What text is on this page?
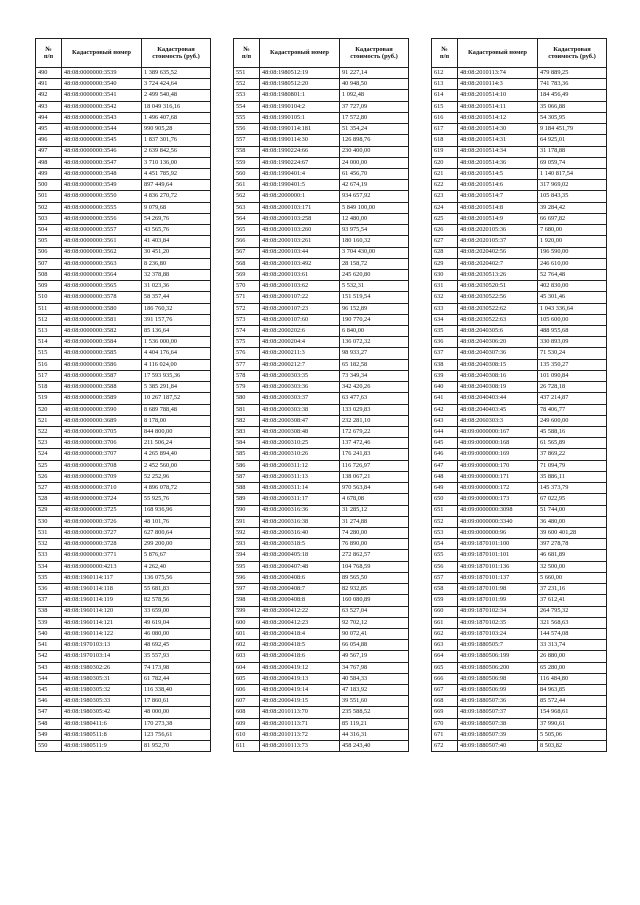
№
п/п	Кадастровый номер	Кадастровая стоимость (руб.)
490	48:08:0000000:3539	1 389 635,52
491	48:08:0000000:3540	3 724 424,64
492	48:08:0000000:3541	2 499 540,48
493	48:08:0000000:3542	18 049 316,16
494	48:08:0000000:3543	1 496 407,68
495	48:08:0000000:3544	990 905,28
496	48:08:0000000:3545	1 837 301,76
497	48:08:0000000:3546	2 639 842,56
498	48:08:0000000:3547	3 710 136,00
499	48:08:0000000:3548	4 451 785,92
500	48:08:0000000:3549	897 449,64
501	48:08:0000000:3550	4 836 270,72
502	48:08:0000000:3555	9 079,68
503	48:08:0000000:3556	54 269,76
504	48:08:0000000:3557	43 565,76
505	48:08:0000000:3561	41 403,84
506	48:08:0000000:3562	30 451,20
507	48:08:0000000:3563	8 236,80
508	48:08:0000000:3564	32 378,88
509	48:08:0000000:3565	31 023,36
510	48:08:0000000:3578	58 357,44
511	48:08:0000000:3580	186 760,32
512	48:08:0000000:3581	391 157,76
513	48:08:0000000:3582	85 136,64
514	48:08:0000000:3584	1 536 000,00
515	48:08:0000000:3585	4 404 176,64
516	48:08:0000000:3586	4 116 024,00
517	48:08:0000000:3587	17 593 935,36
518	48:08:0000000:3588	5 385 291,84
519	48:08:0000000:3589	10 267 187,52
520	48:08:0000000:3590	8 689 788,48
521	48:08:0000000:3689	8 178,00
522	48:08:0000000:3705	844 800,00
523	48:08:0000000:3706	211 506,24
524	48:08:0000000:3707	4 265 894,40
525	48:08:0000000:3708	2 452 560,00
526	48:08:0000000:3709	52 252,96
527	48:08:0000000:3710	4 896 078,72
528	48:08:0000000:3724	55 925,76
529	48:08:0000000:3725	168 936,96
530	48:08:0000000:3726	48 101,76
531	48:08:0000000:3727	627 800,64
532	48:08:0000000:3728	299 200,00
533	48:08:0000000:3771	5 876,67
534	48:08:0000000:4213	4 262,40
535	48:08:1960114:117	136 075,56
536	48:08:1960114:118	55 681,83
537	48:08:1960114:119	82 578,56
538	48:08:1960114:120	33 659,00
539	48:08:1960114:121	49 619,04
540	48:08:1960114:122	46 080,00
541	48:08:1970103:13	48 692,45
542	48:08:1970103:14	35 557,93
543	48:08:1980302:26	74 173,98
544	48:08:1980305:31	61 782,44
545	48:08:1980305:32	116 338,40
546	48:08:1980305:33	17 860,61
547	48:08:1980305:42	48 000,00
548	48:08:1980411:6	170 273,38
549	48:08:1980511:8	123 756,61
550	48:08:1980511:9	81 952,70
№
п/п	Кадастровый номер	Кадастровая стоимость (руб.)
551	48:08:1980512:19	91 227,14
552	48:08:1980512:20	40 948,50
553	48:08:1980801:1	1 092,48
554	48:08:1990104:2	37 727,09
555	48:08:1990105:1	17 572,80
556	48:08:1990114:181	51 354,24
557	48:08:1990114:30	126 898,76
558	48:08:1990224:66	230 400,00
559	48:08:1990224:67	24 000,00
560	48:08:1990401:4	61 456,70
561	48:08:1990401:5	42 674,19
562	48:08:2000000:1	934 657,92
563	48:08:2000103:171	5 849 100,00
564	48:08:2000103:258	12 480,00
565	48:08:2000103:260	93 975,54
566	48:08:2000103:261	180 160,32
567	48:08:2000103:44	3 704 430,00
568	48:08:2000103:492	28 158,72
569	48:08:2000103:61	245 620,80
570	48:08:2000103:62	5 532,31
571	48:08:2000107:22	151 519,54
572	48:08:2000107:23	96 152,89
573	48:08:2000107:60	190 770,24
574	48:08:2000202:6	6 840,00
575	48:08:2000204:4	136 072,32
576	48:08:2000211:3	98 933,27
577	48:08:2000212:7	65 182,58
578	48:08:2000303:35	73 349,34
579	48:08:2000303:36	342 420,26
580	48:08:2000303:37	63 477,63
581	48:08:2000303:38	133 029,83
582	48:08:2000308:47	232 281,10
583	48:08:2000308:48	172 679,22
584	48:08:2000310:25	137 472,46
585	48:08:2000310:26	176 241,83
586	48:08:2000311:12	116 726,97
587	48:08:2000311:13	138 067,21
588	48:08:2000311:14	970 563,84
589	48:08:2000311:17	4 678,08
590	48:08:2000316:36	31 285,12
591	48:08:2000316:38	31 274,88
592	48:08:2000316:40	74 280,00
593	48:08:2000318:5	76 890,00
594	48:08:2000405:18	272 862,57
595	48:08:2000407:48	104 768,59
596	48:08:2000408:6	89 565,50
597	48:08:2000408:7	82 932,85
598	48:08:2000408:8	160 080,89
599	48:08:2000412:22	63 527,04
600	48:08:2000412:23	92 702,12
601	48:08:2000418:4	90 072,41
602	48:08:2000418:5	66 054,88
603	48:08:2000418:6	49 567,19
604	48:08:2000419:12	34 767,98
605	48:08:2000419:13	40 584,33
606	48:08:2000419:14	47 183,92
607	48:08:2000419:15	39 551,60
608	48:08:2010113:70	235 588,52
609	48:08:2010113:71	85 119,21
610	48:08:2010113:72	44 316,31
611	48:08:2010113:73	458 243,40
№
п/п	Кадастровый номер	Кадастровая стоимость (руб.)
612	48:08:2010113:74	479 889,25
613	48:08:2010114:3	741 783,36
614	48:08:2010514:10	184 456,49
615	48:08:2010514:11	35 066,88
616	48:08:2010514:12	54 305,95
617	48:08:2010514:30	9 184 451,79
618	48:08:2010514:31	64 925,01
619	48:08:2010514:34	31 178,88
620	48:08:2010514:36	69 059,74
621	48:08:2010514:5	1 140 817,54
622	48:08:2010514:6	317 969,02
623	48:08:2010514:7	105 843,35
624	48:08:2010514:8	39 284,42
625	48:08:2010514:9	66 697,82
626	48:08:2020105:36	7 680,00
627	48:08:2020105:37	1 920,00
628	48:08:2020402:56	196 590,00
629	48:08:2020402:7	246 610,00
630	48:08:2030513:26	52 764,48
631	48:08:2030520:51	402 830,00
632	48:08:2030522:56	45 301,46
633	48:08:2030522:62	1 043 336,64
634	48:08:2030522:63	105 600,00
635	48:08:2040305:6	488 955,68
636	48:08:2040306:20	330 893,09
637	48:08:2040307:36	71 530,24
638	48:08:2040308:15	135 350,27
639	48:08:2040308:16	101 090,84
640	48:08:2040308:19	26 728,18
641	48:08:2040403:44	437 214,87
642	48:08:2040403:45	78 406,77
643	48:08:2060303:3	249 600,00
644	48:09:0000000:167	45 588,16
645	48:09:0000000:168	61 565,89
646	48:09:0000000:169	37 869,22
647	48:09:0000000:170	71 094,79
648	48:09:0000000:171	35 886,11
649	48:09:0000000:172	145 373,79
650	48:09:0000000:173	67 022,95
651	48:09:0000000:3098	51 744,00
652	48:09:0000000:3340	36 480,00
653	48:09:0000000:96	39 600 401,28
654	48:09:1870101:100	397 278,78
655	48:09:1870101:101	46 681,89
656	48:09:1870101:136	32 500,00
657	48:09:1870101:137	5 660,00
658	48:09:1870101:98	37 231,16
659	48:09:1870101:99	37 612,41
660	48:09:1870102:34	264 795,32
661	48:09:1870102:35	321 568,63
662	48:09:1870103:24	144 574,08
663	48:09:1880505:7	33 313,74
664	48:09:1880506:199	26 880,00
665	48:09:1880506:200	65 280,00
666	48:09:1880506:98	116 484,80
667	48:09:1880506:99	84 963,85
668	48:09:1880507:36	85 572,44
669	48:09:1880507:37	154 968,61
670	48:09:1880507:38	37 990,61
671	48:09:1880507:39	5 505,06
672	48:09:1880507:40	8 503,82
